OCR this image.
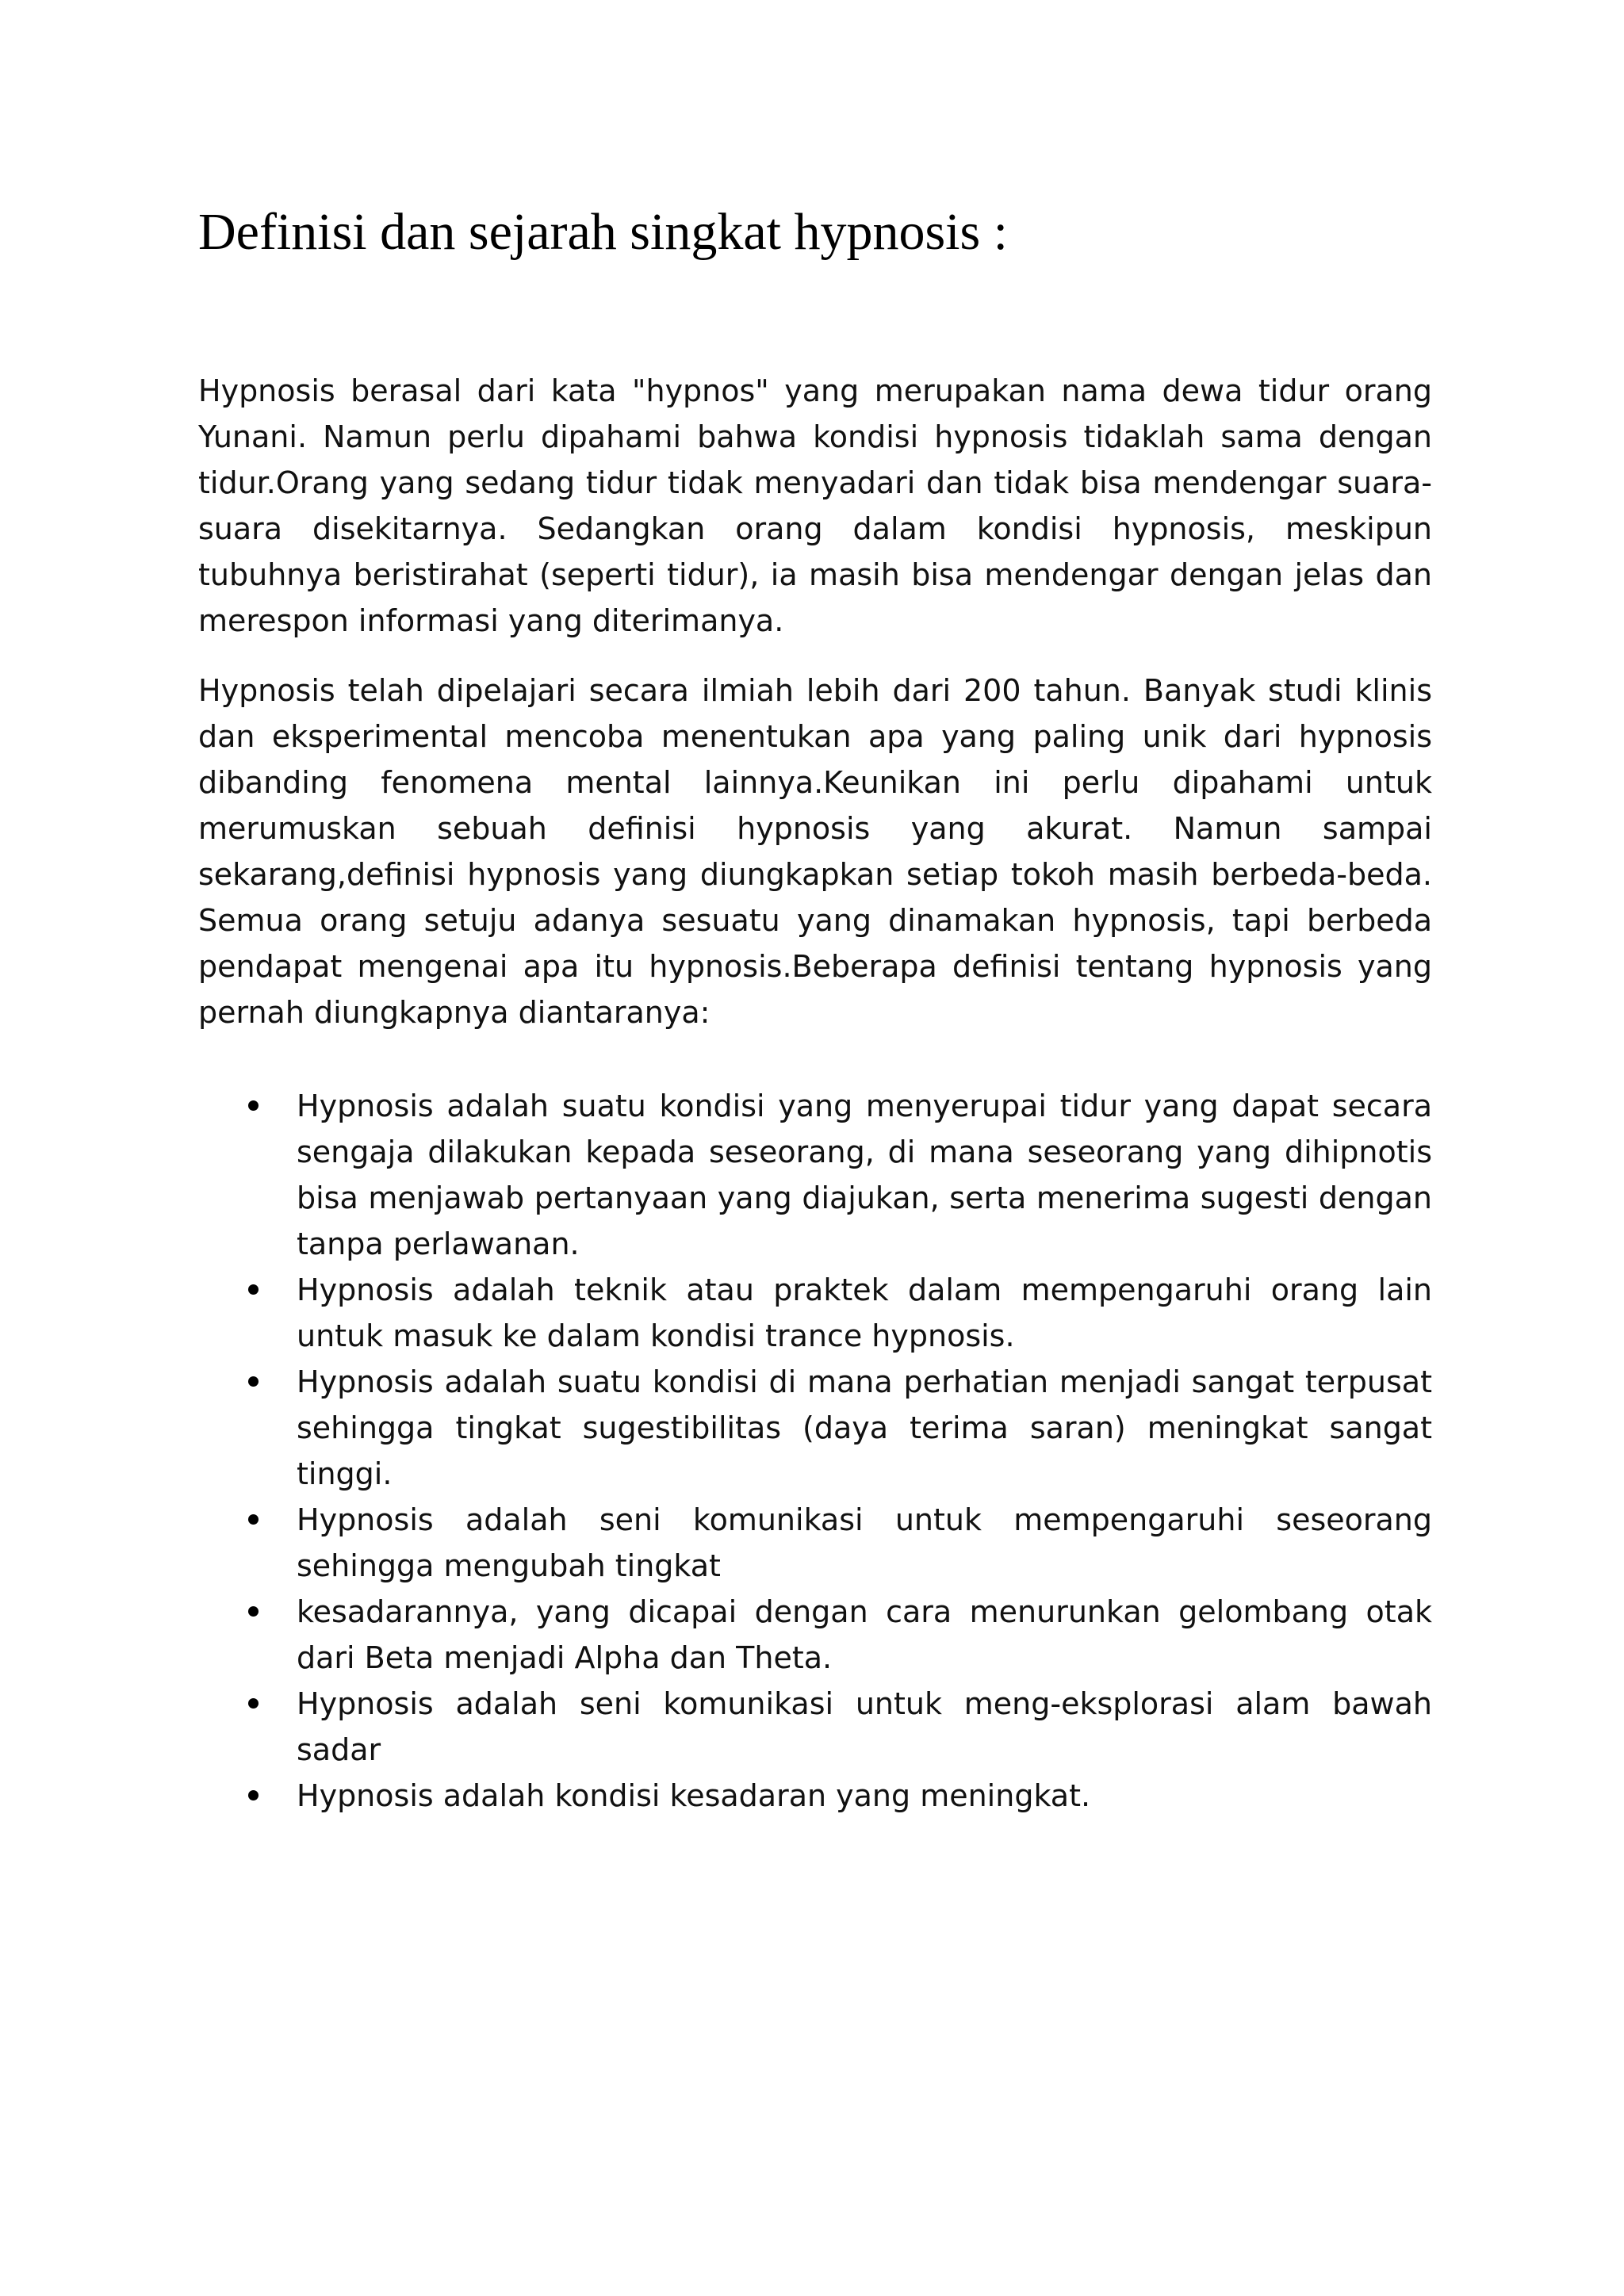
Definisi dan sejarah singkat hypnosis :

Hypnosis berasal dari kata "hypnos" yang merupakan nama dewa tidur orang Yunani. Namun perlu dipahami bahwa kondisi hypnosis tidaklah sama dengan tidur.Orang yang sedang tidur tidak menyadari dan tidak bisa mendengar suara-suara disekitarnya. Sedangkan orang dalam kondisi hypnosis, meskipun tubuhnya beristirahat (seperti tidur), ia masih bisa mendengar dengan jelas dan merespon informasi yang diterimanya.

Hypnosis telah dipelajari secara ilmiah lebih dari 200 tahun. Banyak studi klinis dan eksperimental mencoba menentukan apa yang paling unik dari hypnosis dibanding fenomena mental lainnya.Keunikan ini perlu dipahami untuk merumuskan sebuah definisi hypnosis yang akurat. Namun sampai sekarang,definisi hypnosis yang diungkapkan setiap tokoh masih berbeda-beda. Semua orang setuju adanya sesuatu yang dinamakan hypnosis, tapi berbeda pendapat mengenai apa itu hypnosis.Beberapa definisi tentang hypnosis yang pernah diungkapnya diantaranya:

Hypnosis adalah suatu kondisi yang menyerupai tidur yang dapat secara sengaja dilakukan kepada seseorang, di mana seseorang yang dihipnotis bisa menjawab pertanyaan yang diajukan, serta menerima sugesti dengan tanpa perlawanan.
Hypnosis adalah teknik atau praktek dalam mempengaruhi orang lain untuk masuk ke dalam kondisi trance hypnosis.
Hypnosis adalah suatu kondisi di mana perhatian menjadi sangat terpusat sehingga tingkat sugestibilitas (daya terima saran) meningkat sangat tinggi.
Hypnosis adalah seni komunikasi untuk mempengaruhi seseorang sehingga mengubah tingkat
kesadarannya, yang dicapai dengan cara menurunkan gelombang otak dari Beta menjadi Alpha dan Theta.
Hypnosis adalah seni komunikasi untuk meng-eksplorasi alam bawah sadar
Hypnosis adalah kondisi kesadaran yang meningkat.
